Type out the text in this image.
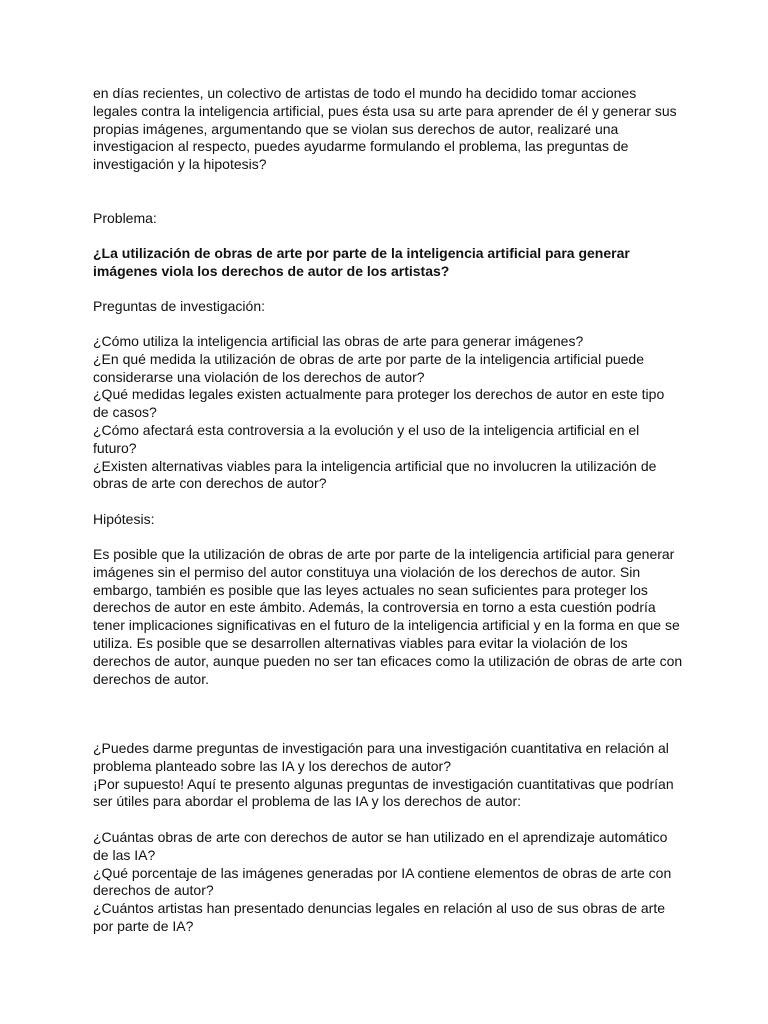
en días recientes, un colectivo de artistas de todo el mundo ha decidido tomar acciones legales contra la inteligencia artificial, pues ésta usa su arte para aprender de él y generar sus propias imágenes, argumentando que se violan sus derechos de autor, realizaré una investigacion al respecto, puedes ayudarme formulando el problema, las preguntas de investigación y la hipotesis?

Problema:

¿La utilización de obras de arte por parte de la inteligencia artificial para generar imágenes viola los derechos de autor de los artistas?

Preguntas de investigación:

¿Cómo utiliza la inteligencia artificial las obras de arte para generar imágenes?
¿En qué medida la utilización de obras de arte por parte de la inteligencia artificial puede considerarse una violación de los derechos de autor?
¿Qué medidas legales existen actualmente para proteger los derechos de autor en este tipo de casos?
¿Cómo afectará esta controversia a la evolución y el uso de la inteligencia artificial en el futuro?
¿Existen alternativas viables para la inteligencia artificial que no involucren la utilización de obras de arte con derechos de autor?

Hipótesis:

Es posible que la utilización de obras de arte por parte de la inteligencia artificial para generar imágenes sin el permiso del autor constituya una violación de los derechos de autor. Sin embargo, también es posible que las leyes actuales no sean suficientes para proteger los derechos de autor en este ámbito. Además, la controversia en torno a esta cuestión podría tener implicaciones significativas en el futuro de la inteligencia artificial y en la forma en que se utiliza. Es posible que se desarrollen alternativas viables para evitar la violación de los derechos de autor, aunque pueden no ser tan eficaces como la utilización de obras de arte con derechos de autor.

¿Puedes darme preguntas de investigación para una investigación cuantitativa en relación al problema planteado sobre las IA y los derechos de autor?
¡Por supuesto! Aquí te presento algunas preguntas de investigación cuantitativas que podrían ser útiles para abordar el problema de las IA y los derechos de autor:
¿Cuántas obras de arte con derechos de autor se han utilizado en el aprendizaje automático de las IA?
¿Qué porcentaje de las imágenes generadas por IA contiene elementos de obras de arte con derechos de autor?
¿Cuántos artistas han presentado denuncias legales en relación al uso de sus obras de arte por parte de IA?
